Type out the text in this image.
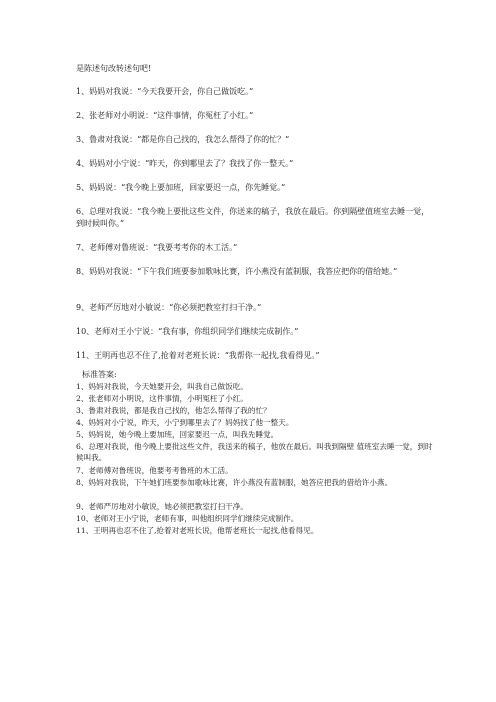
是陈述句改转述句吧!
1、妈妈对我说：“今天我要开会，你自己做饭吃。”
2、张老师对小明说：“这件事情，你冤枉了小红。”
3、鲁肃对我说：“都是你自己找的，我怎么帮得了你的忙？”
4、妈妈对小宁说：“昨天，你到哪里去了？我找了你一整天。”
5、妈妈说：“我今晚上要加班，回家要迟一点，你先睡觉。”
6、总理对我说：“我今晚上要批这些文件，你送来的稿子，我放在最后。你到隔壁值班室去睡一觉，到时候叫你。”
7、老师傅对鲁班说：“我要考考你的木工活。”
8、妈妈对我说：“下午我们班要参加歌咏比赛，许小燕没有蓝制服，我答应把你的借给她。”
9、老师严厉地对小敏说：“你必须把教室打扫干净。”
10、老师对王小宁说：“我有事，你组织同学们继续完成制作。”
11、王明再也忍不住了,抢着对老班长说：“我帮你一起找,我看得见。”
标准答案:
1、妈妈对我说，今天她要开会，叫我自己做饭吃。
2、张老师对小明说，这件事情，小明冤枉了小红。
3、鲁肃对我说，都是我自己找的，他怎么帮得了我的忙？
4、妈妈对小宁说，昨天，小宁到哪里去了？妈妈找了他一整天。
5、妈妈说，她今晚上要加班，回家要迟一点，叫我先睡觉。
6、总理对我说，他今晚上要批这些文件，我送来的稿子，他放在最后。叫我到隔壁 值班室去睡一觉，到时候叫我。
7、老师傅对鲁班说，他要考考鲁班的木工活。
8、妈妈对我说，下午她们班要参加歌咏比赛，许小燕没有蓝制服，她答应把我的借给许小燕。
9、老师严厉地对小敏说，她必须把教室打扫干净。
10、老师对王小宁说，老师有事，叫他组织同学们继续完成制作。
11、王明再也忍不住了,抢着对老班长说，他帮老班长一起找,他看得见。
